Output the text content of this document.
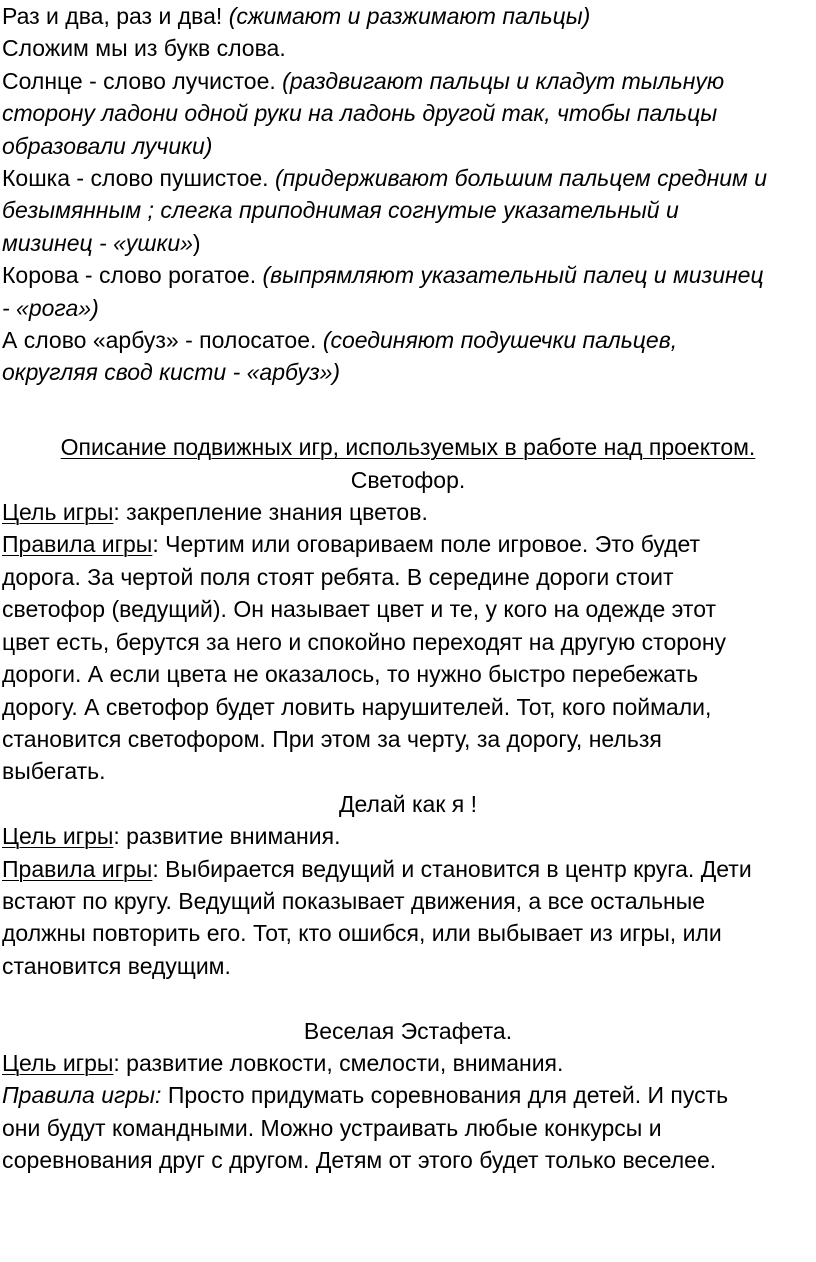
Раз и два, раз и два! (сжимают и разжимают пальцы)
Сложим мы из букв слова.
Солнце - слово лучистое. (раздвигают пальцы и кладут тыльную
сторону ладони одной руки на ладонь другой так, чтобы пальцы
образовали лучики)
Кошка - слово пушистое. (придерживают большим пальцем средним и
безымянным ; слегка приподнимая согнутые указательный и
мизинец - «ушки»)
Корова - слово рогатое. (выпрямляют указательный палец и мизинец
- «рога»)
А слово «арбуз» - полосатое. (соединяют подушечки пальцев,
округляя свод кисти - «арбуз»)
Описание подвижных игр, используемых в работе над проектом.
Светофор.
Цель игры: закрепление знания цветов.
Правила игры: Чертим или оговариваем поле игровое. Это будет
дорога. За чертой поля стоят ребята. В середине дороги стоит
светофор (ведущий). Он называет цвет и те, у кого на одежде этот
цвет есть, берутся за него и спокойно переходят на другую сторону
дороги. А если цвета не оказалось, то нужно быстро перебежать
дорогу. А светофор будет ловить нарушителей. Тот, кого поймали,
становится светофором. При этом за черту, за дорогу, нельзя
выбегать.
Делай как я !
Цель игры: развитие внимания.
Правила игры: Выбирается ведущий и становится в центр круга. Дети
встают по кругу. Ведущий показывает движения, а все остальные
должны повторить его. Тот, кто ошибся, или выбывает из игры, или
становится ведущим.
Веселая Эстафета.
Цель игры: развитие ловкости, смелости, внимания.
Правила игры: Просто придумать соревнования для детей. И пусть
они будут командными. Можно устраивать любые конкурсы и
соревнования друг с другом. Детям от этого будет только веселее.
